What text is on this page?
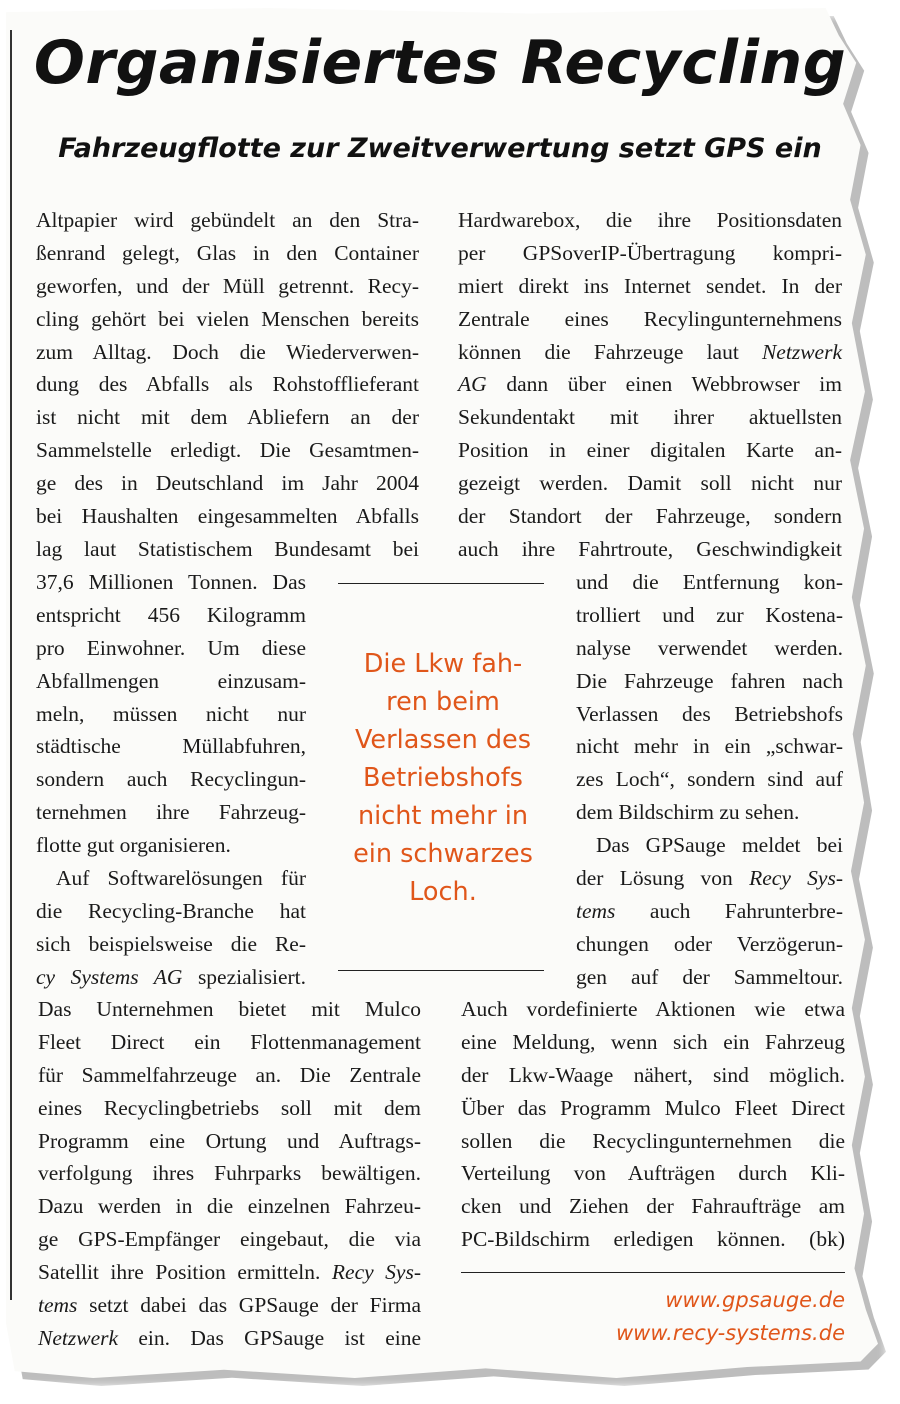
Organisiertes Recycling
Fahrzeugflotte zur Zweitverwertung setzt GPS ein
Altpapier wird gebündelt an den Stra-
ßenrand gelegt, Glas in den Container
geworfen, und der Müll getrennt. Recy-
cling gehört bei vielen Menschen bereits
zum Alltag. Doch die Wiederverwen-
dung des Abfalls als Rohstofflieferant
ist nicht mit dem Abliefern an der
Sammelstelle erledigt. Die Gesamtmen-
ge des in Deutschland im Jahr 2004
bei Haushalten eingesammelten Abfalls
lag laut Statistischem Bundesamt bei
37,6 Millionen Tonnen. Das
entspricht 456 Kilogramm
pro Einwohner. Um diese
Abfallmengen einzusam-
meln, müssen nicht nur
städtische Müllabfuhren,
sondern auch Recyclingun-
ternehmen ihre Fahrzeug-
flotte gut organisieren.
Auf Softwarelösungen für
die Recycling-Branche hat
sich beispielsweise die Re-
cy Systems AG spezialisiert.
Das Unternehmen bietet mit Mulco
Fleet Direct ein Flottenmanagement
für Sammelfahrzeuge an. Die Zentrale
eines Recyclingbetriebs soll mit dem
Programm eine Ortung und Auftrags-
verfolgung ihres Fuhrparks bewältigen.
Dazu werden in die einzelnen Fahrzeu-
ge GPS-Empfänger eingebaut, die via
Satellit ihre Position ermitteln. Recy Sys-
tems setzt dabei das GPSauge der Firma
Netzwerk ein. Das GPSauge ist eine
Die Lkw fah-
ren beim
Verlassen des
Betriebshofs
nicht mehr in
ein schwarzes
Loch.
Hardwarebox, die ihre Positionsdaten
per GPSoverIP-Übertragung kompri-
miert direkt ins Internet sendet. In der
Zentrale eines Recylingunternehmens
können die Fahrzeuge laut Netzwerk
AG dann über einen Webbrowser im
Sekundentakt mit ihrer aktuellsten
Position in einer digitalen Karte an-
gezeigt werden. Damit soll nicht nur
der Standort der Fahrzeuge, sondern
auch ihre Fahrtroute, Geschwindigkeit
und die Entfernung kon-
trolliert und zur Kostena-
nalyse verwendet werden.
Die Fahrzeuge fahren nach
Verlassen des Betriebshofs
nicht mehr in ein „schwar-
zes Loch“, sondern sind auf
dem Bildschirm zu sehen.
Das GPSauge meldet bei
der Lösung von Recy Sys-
tems auch Fahrunterbre-
chungen oder Verzögerun-
gen auf der Sammeltour.
Auch vordefinierte Aktionen wie etwa
eine Meldung, wenn sich ein Fahrzeug
der Lkw-Waage nähert, sind möglich.
Über das Programm Mulco Fleet Direct
sollen die Recyclingunternehmen die
Verteilung von Aufträgen durch Kli-
cken und Ziehen der Fahraufträge am
PC-Bildschirm erledigen können. (bk)
www.gpsauge.de
www.recy-systems.de
